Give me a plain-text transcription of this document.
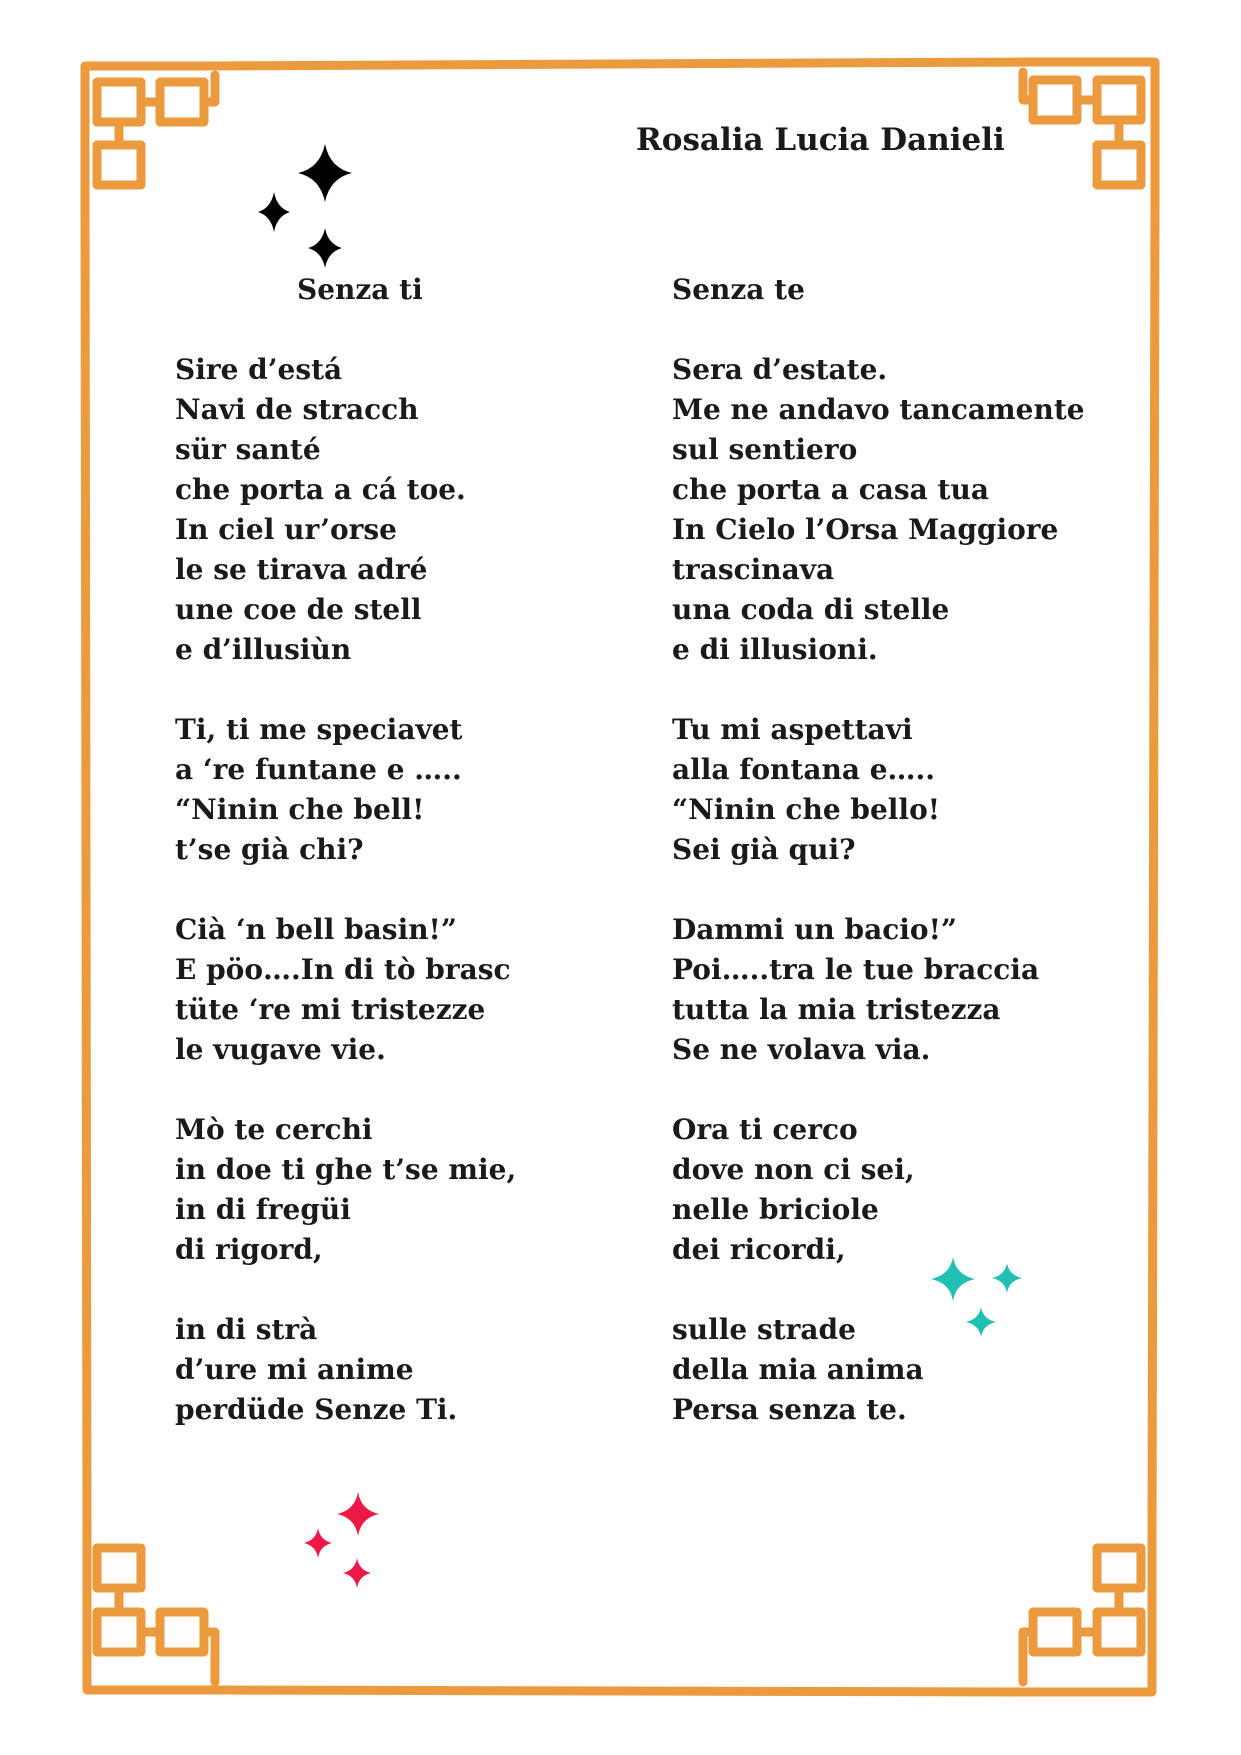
Rosalia Lucia Danieli
Senza ti
Sire d’está
Navi de stracch
sür santé
che porta a cá toe.
In ciel ur’orse
le se tirava adré
une coe de stell
e d’illusiùn
Ti, ti me speciavet
a ‘re funtane e …..
“Ninin che bell!
t’se già chi?
Cià ‘n bell basin!”
E pöo….In di tò brasc
tüte ‘re mi tristezze
le vugave vie.
Mò te cerchi
in doe ti ghe t’se mie,
in di fregüi
di rigord,
in di strà
d’ure mi anime
perdüde Senze Ti.
Senza te
Sera d’estate.
Me ne andavo tancamente
sul sentiero
che porta a casa tua
In Cielo l’Orsa Maggiore
trascinava
una coda di stelle
e di illusioni.
Tu mi aspettavi
alla fontana e…..
“Ninin che bello!
Sei già qui?
Dammi un bacio!”
Poi…..tra le tue braccia
tutta la mia tristezza
Se ne volava via.
Ora ti cerco
dove non ci sei,
nelle briciole
dei ricordi,
sulle strade
della mia anima
Persa senza te.
